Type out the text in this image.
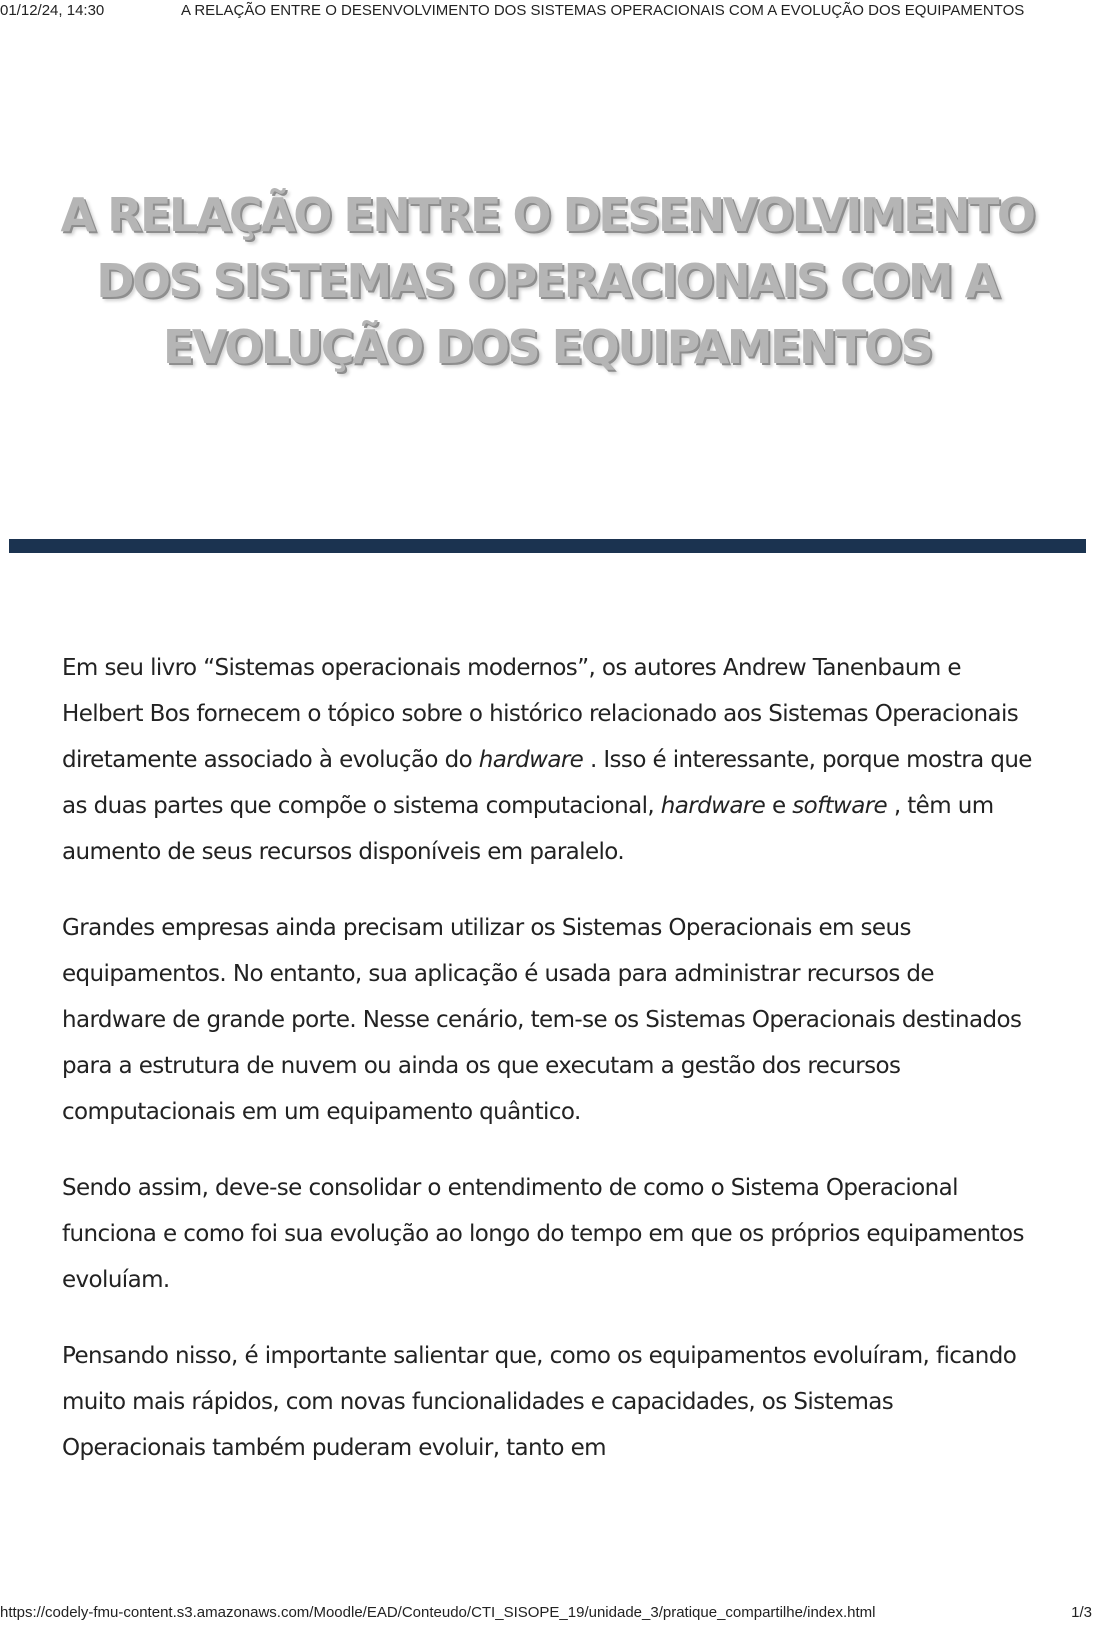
01/12/24, 14:30	A RELAÇÃO ENTRE O DESENVOLVIMENTO DOS SISTEMAS OPERACIONAIS COM A EVOLUÇÃO DOS EQUIPAMENTOS
A RELAÇÃO ENTRE O DESENVOLVIMENTO
DOS SISTEMAS OPERACIONAIS COM A
EVOLUÇÃO DOS EQUIPAMENTOS

Em seu livro “Sistemas operacionais modernos”, os autores Andrew Tanenbaum e Helbert Bos fornecem o tópico sobre o histórico relacionado aos Sistemas Operacionais diretamente associado à evolução do hardware . Isso é interessante, porque mostra que as duas partes que compõe o sistema computacional, hardware e software , têm um aumento de seus recursos disponíveis em paralelo.

Grandes empresas ainda precisam utilizar os Sistemas Operacionais em seus equipamentos. No entanto, sua aplicação é usada para administrar recursos de hardware de grande porte. Nesse cenário, tem-se os Sistemas Operacionais destinados para a estrutura de nuvem ou ainda os que executam a gestão dos recursos computacionais em um equipamento quântico.

Sendo assim, deve-se consolidar o entendimento de como o Sistema Operacional funciona e como foi sua evolução ao longo do tempo em que os próprios equipamentos evoluíam.

Pensando nisso, é importante salientar que, como os equipamentos evoluíram, ficando muito mais rápidos, com novas funcionalidades e capacidades, os Sistemas Operacionais também puderam evoluir, tanto em

https://codely-fmu-content.s3.amazonaws.com/Moodle/EAD/Conteudo/CTI_SISOPE_19/unidade_3/pratique_compartilhe/index.html	1/3
